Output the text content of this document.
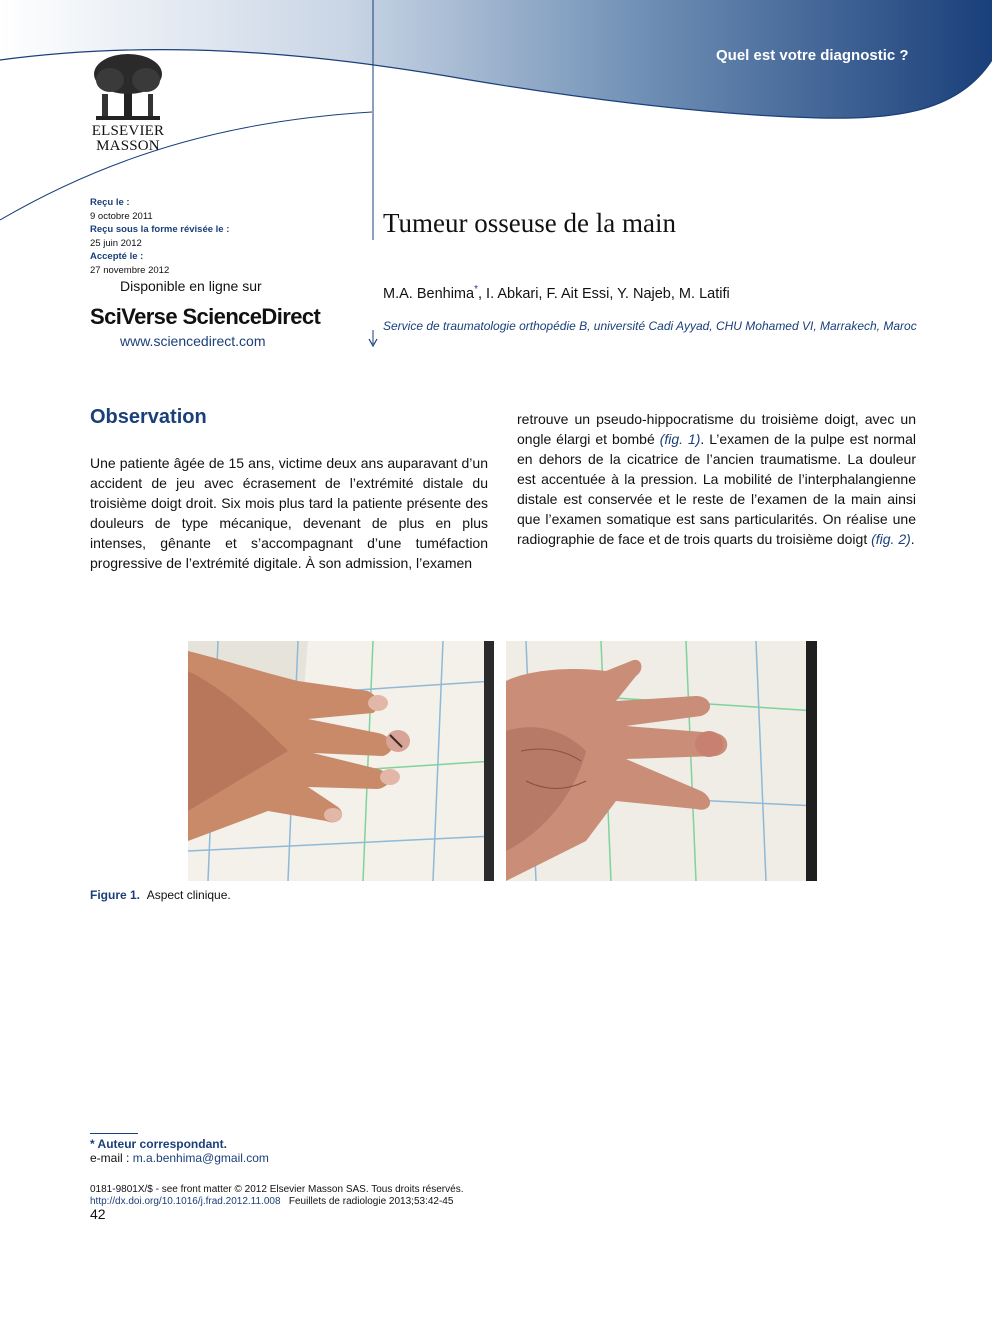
Quel est votre diagnostic ?
ELSEVIER
MASSON
Reçu le :
9 octobre 2011
Reçu sous la forme révisée le :
25 juin 2012
Accepté le :
27 novembre 2012
Disponible en ligne sur
SciVerse ScienceDirect
www.sciencedirect.com
Tumeur osseuse de la main
M.A. Benhima*, I. Abkari, F. Ait Essi, Y. Najeb, M. Latifi
Service de traumatologie orthopédie B, université Cadi Ayyad, CHU Mohamed VI, Marrakech, Maroc
Observation
Une patiente âgée de 15 ans, victime deux ans auparavant d’un accident de jeu avec écrasement de l’extrémité distale du troisième doigt droit. Six mois plus tard la patiente présente des douleurs de type mécanique, devenant de plus en plus intenses, gênante et s’accompagnant d’une tuméfaction progressive de l’extrémité digitale. À son admission, l’examen
retrouve un pseudo-hippocratisme du troisième doigt, avec un ongle élargi et bombé (fig. 1). L’examen de la pulpe est normal en dehors de la cicatrice de l’ancien traumatisme. La douleur est accentuée à la pression. La mobilité de l’interphalangienne distale est conservée et le reste de l’examen de la main ainsi que l’examen somatique est sans particularités. On réalise une radiographie de face et de trois quarts du troisième doigt (fig. 2).
Figure 1. Aspect clinique.
* Auteur correspondant.
e-mail : m.a.benhima@gmail.com
0181-9801X/$ - see front matter © 2012 Elsevier Masson SAS. Tous droits réservés.
http://dx.doi.org/10.1016/j.frad.2012.11.008 Feuillets de radiologie 2013;53:42-45
42
